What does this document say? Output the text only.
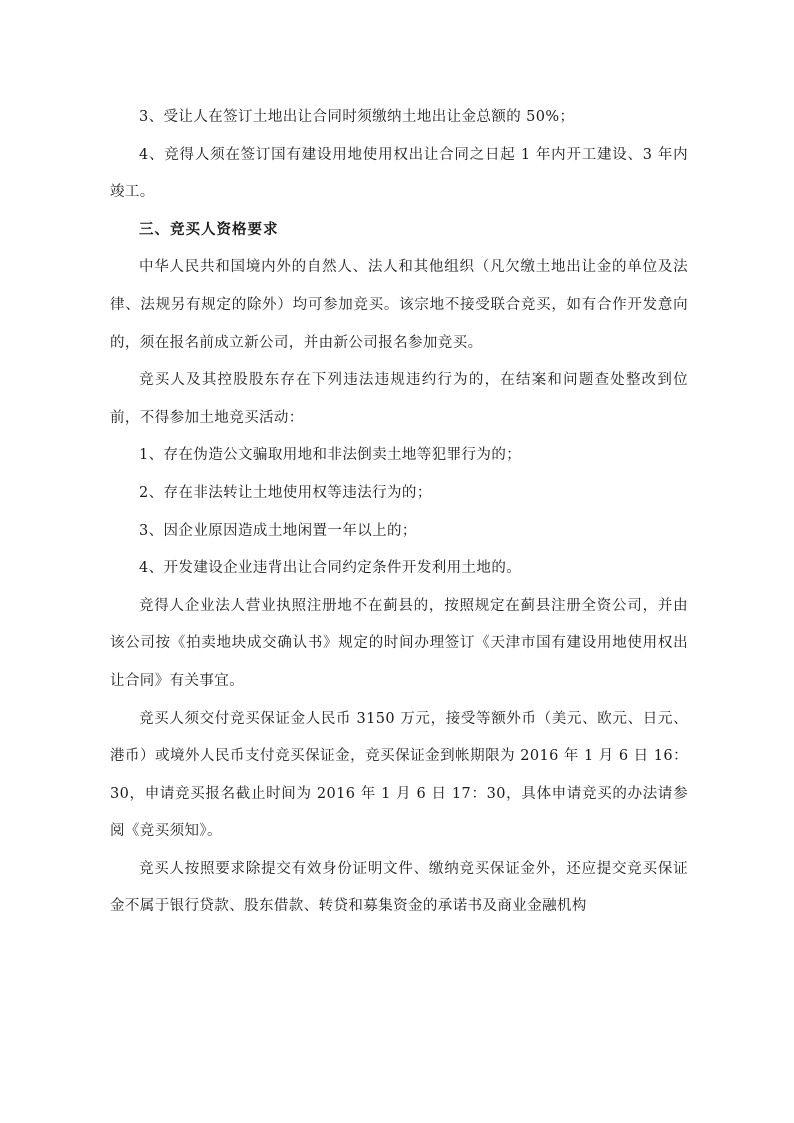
3、受让人在签订土地出让合同时须缴纳土地出让金总额的 50%；

4、竞得人须在签订国有建设用地使用权出让合同之日起 1 年内开工建设、3 年内竣工。

三、竞买人资格要求

中华人民共和国境内外的自然人、法人和其他组织（凡欠缴土地出让金的单位及法律、法规另有规定的除外）均可参加竞买。该宗地不接受联合竞买，如有合作开发意向的，须在报名前成立新公司，并由新公司报名参加竞买。

竞买人及其控股股东存在下列违法违规违约行为的，在结案和问题查处整改到位前，不得参加土地竞买活动：

1、存在伪造公文骗取用地和非法倒卖土地等犯罪行为的；

2、存在非法转让土地使用权等违法行为的；

3、因企业原因造成土地闲置一年以上的；

4、开发建设企业违背出让合同约定条件开发利用土地的。

竞得人企业法人营业执照注册地不在蓟县的，按照规定在蓟县注册全资公司，并由该公司按《拍卖地块成交确认书》规定的时间办理签订《天津市国有建设用地使用权出让合同》有关事宜。

竞买人须交付竞买保证金人民币 3150 万元，接受等额外币（美元、欧元、日元、港币）或境外人民币支付竞买保证金，竞买保证金到帐期限为 2016 年 1 月 6 日 16：30，申请竞买报名截止时间为 2016 年 1 月 6 日 17：30，具体申请竞买的办法请参阅《竞买须知》。

竞买人按照要求除提交有效身份证明文件、缴纳竞买保证金外，还应提交竞买保证金不属于银行贷款、股东借款、转贷和募集资金的承诺书及商业金融机构
